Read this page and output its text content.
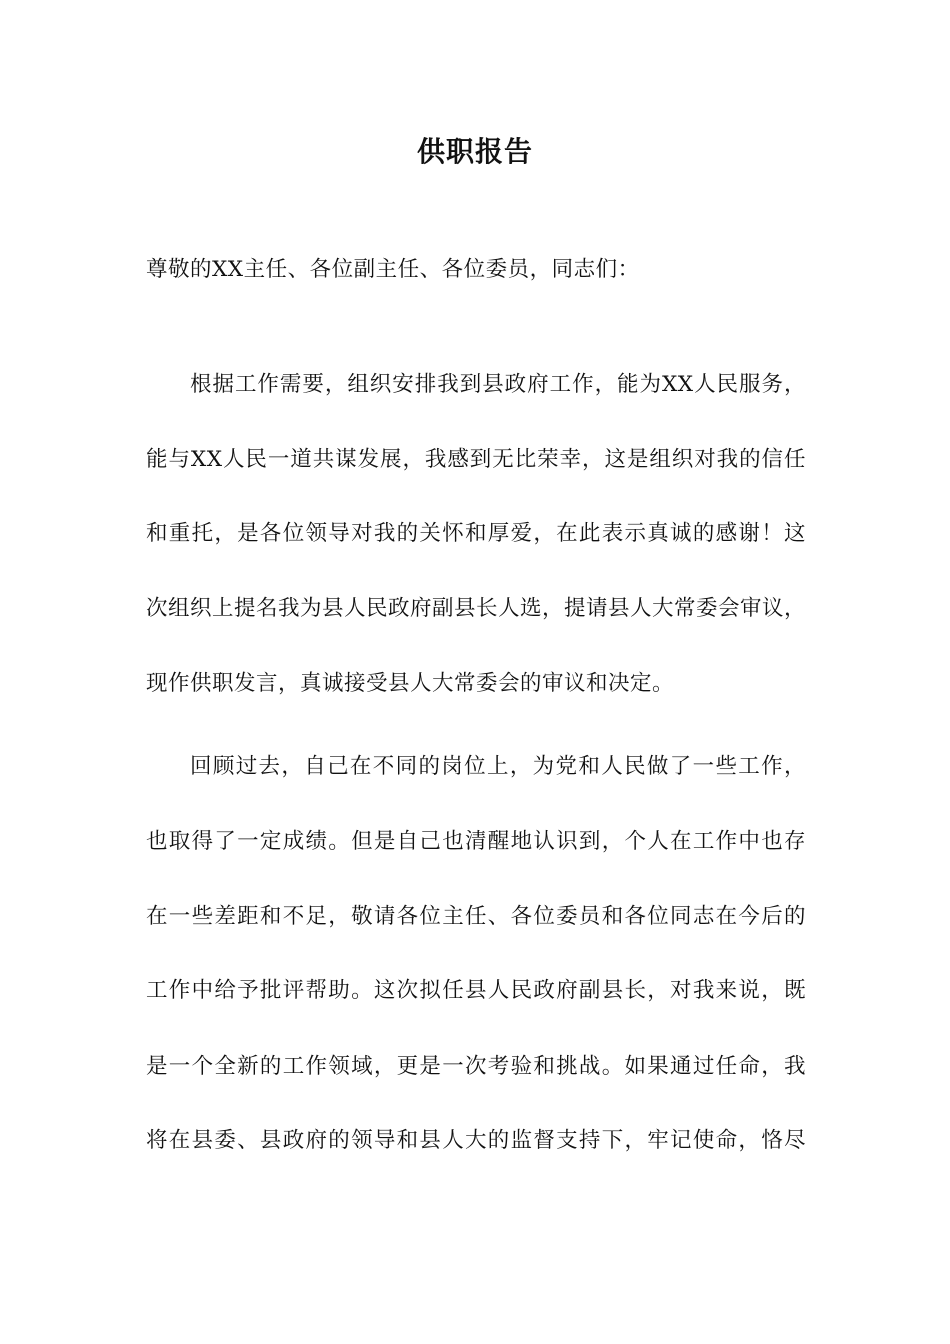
供职报告
尊敬的XX主任、各位副主任、各位委员，同志们：
根据工作需要，组织安排我到县政府工作，能为XX人民服务，
能与XX人民一道共谋发展，我感到无比荣幸，这是组织对我的信任
和重托，是各位领导对我的关怀和厚爱，在此表示真诚的感谢！这
次组织上提名我为县人民政府副县长人选，提请县人大常委会审议，
现作供职发言，真诚接受县人大常委会的审议和决定。
回顾过去，自己在不同的岗位上，为党和人民做了一些工作，
也取得了一定成绩。但是自己也清醒地认识到，个人在工作中也存
在一些差距和不足，敬请各位主任、各位委员和各位同志在今后的
工作中给予批评帮助。这次拟任县人民政府副县长，对我来说，既
是一个全新的工作领域，更是一次考验和挑战。如果通过任命，我
将在县委、县政府的领导和县人大的监督支持下，牢记使命，恪尽
